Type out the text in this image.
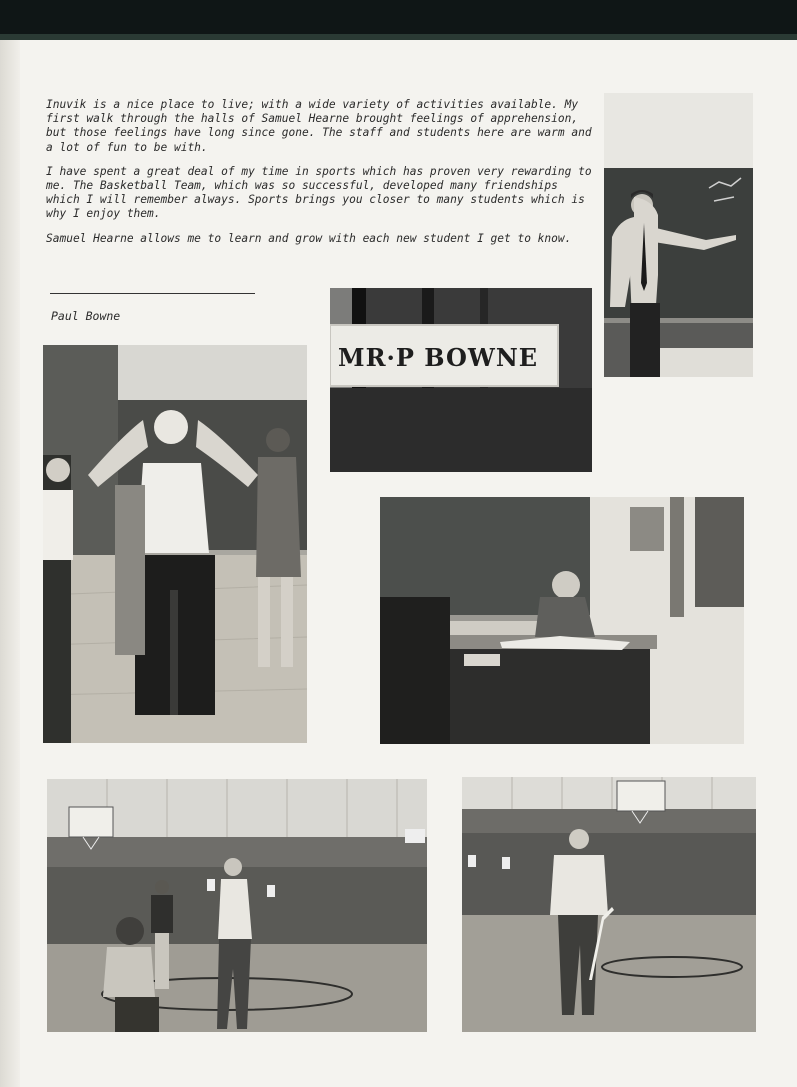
Inuvik is a nice place to live; with a wide variety of activities available. My first walk through the halls of Samuel Hearne brought feelings of apprehension, but those feelings have long since gone. The staff and students here are warm and a lot of fun to be with.

I have spent a great deal of my time in sports which has proven very rewarding to me. The Basketball Team, which was so successful, developed many friendships which I will remember always. Sports brings you closer to many students which is why I enjoy them.

Samuel Hearne allows me to learn and grow with each new student I get to know.

Paul Bowne
MR·P BOWNE
